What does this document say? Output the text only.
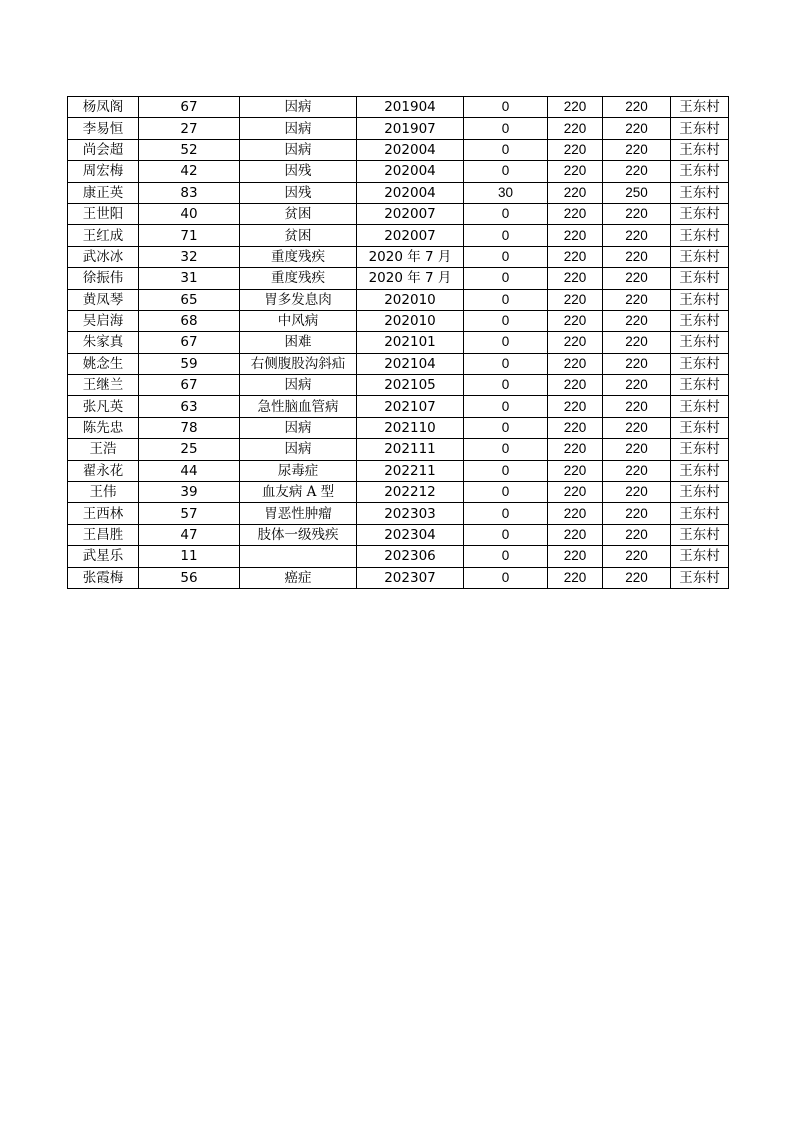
杨凤阁	67	因病	201904	0	220	220	王东村
李易恒	27	因病	201907	0	220	220	王东村
尚会超	52	因病	202004	0	220	220	王东村
周宏梅	42	因残	202004	0	220	220	王东村
康正英	83	因残	202004	30	220	250	王东村
王世阳	40	贫困	202007	0	220	220	王东村
王红成	71	贫困	202007	0	220	220	王东村
武冰冰	32	重度残疾	2020 年 7 月	0	220	220	王东村
徐振伟	31	重度残疾	2020 年 7 月	0	220	220	王东村
黄凤琴	65	胃多发息肉	202010	0	220	220	王东村
吴启海	68	中风病	202010	0	220	220	王东村
朱家真	67	困难	202101	0	220	220	王东村
姚念生	59	右侧腹股沟斜疝	202104	0	220	220	王东村
王继兰	67	因病	202105	0	220	220	王东村
张凡英	63	急性脑血管病	202107	0	220	220	王东村
陈先忠	78	因病	202110	0	220	220	王东村
王浩	25	因病	202111	0	220	220	王东村
翟永花	44	尿毒症	202211	0	220	220	王东村
王伟	39	血友病 A 型	202212	0	220	220	王东村
王西林	57	胃恶性肿瘤	202303	0	220	220	王东村
王昌胜	47	肢体一级残疾	202304	0	220	220	王东村
武星乐	11		202306	0	220	220	王东村
张霞梅	56	癌症	202307	0	220	220	王东村
